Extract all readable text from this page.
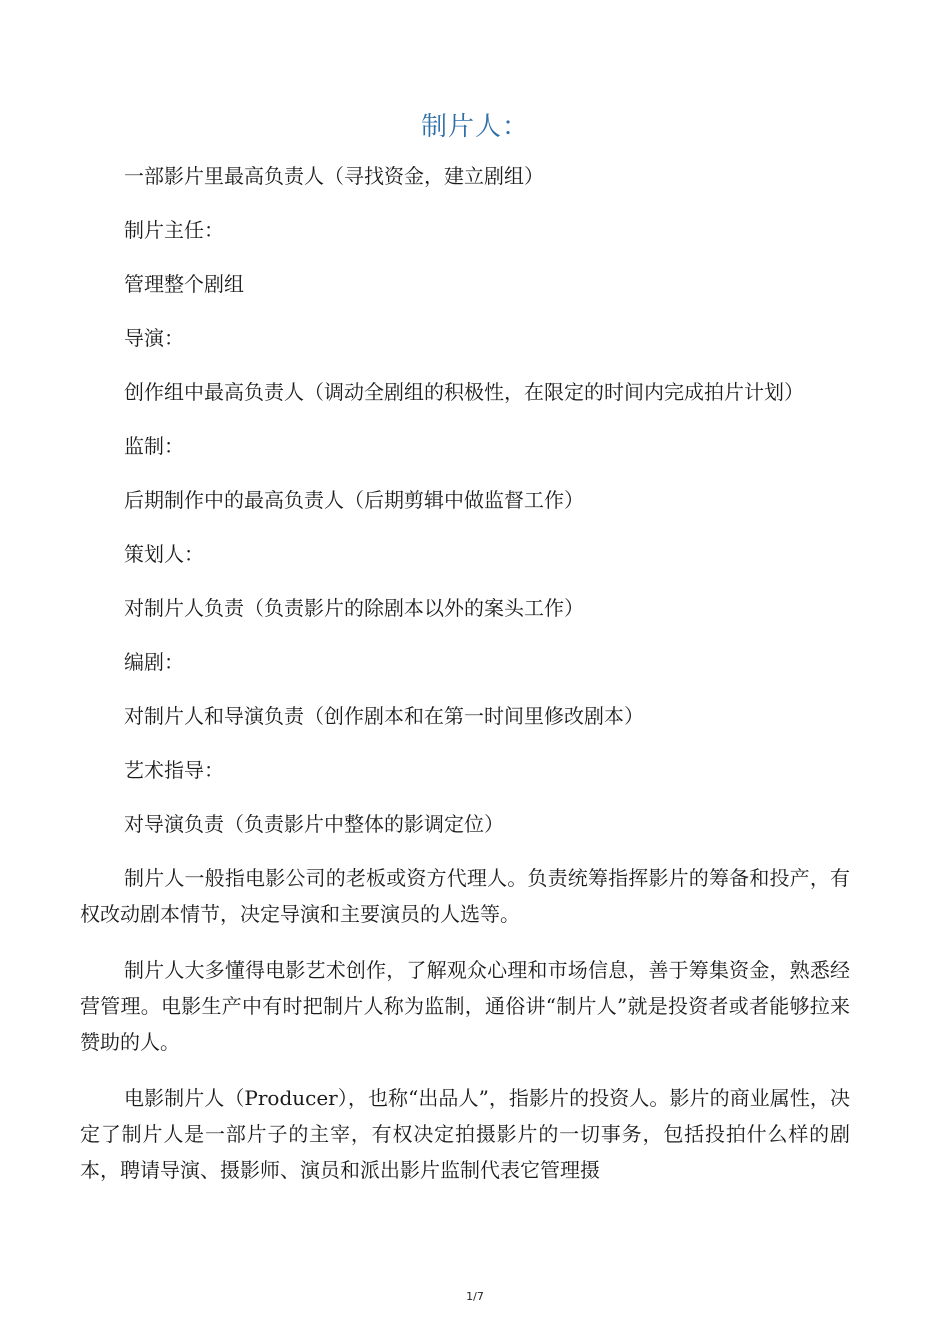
制片人：

一部影片里最高负责人（寻找资金，建立剧组）

制片主任：

管理整个剧组

导演：

创作组中最高负责人（调动全剧组的积极性，在限定的时间内完成拍片计划）

监制：

后期制作中的最高负责人（后期剪辑中做监督工作）

策划人：

对制片人负责（负责影片的除剧本以外的案头工作）

编剧：

对制片人和导演负责（创作剧本和在第一时间里修改剧本）

艺术指导：

对导演负责（负责影片中整体的影调定位）

制片人一般指电影公司的老板或资方代理人。负责统筹指挥影片的筹备和投产，有权改动剧本情节，决定导演和主要演员的人选等。

制片人大多懂得电影艺术创作，了解观众心理和市场信息，善于筹集资金，熟悉经营管理。电影生产中有时把制片人称为监制，通俗讲“制片人”就是投资者或者能够拉来赞助的人。

电影制片人（Producer），也称“出品人”，指影片的投资人。影片的商业属性，决定了制片人是一部片子的主宰，有权决定拍摄影片的一切事务，包括投拍什么样的剧本，聘请导演、摄影师、演员和派出影片监制代表它管理摄

1/7
